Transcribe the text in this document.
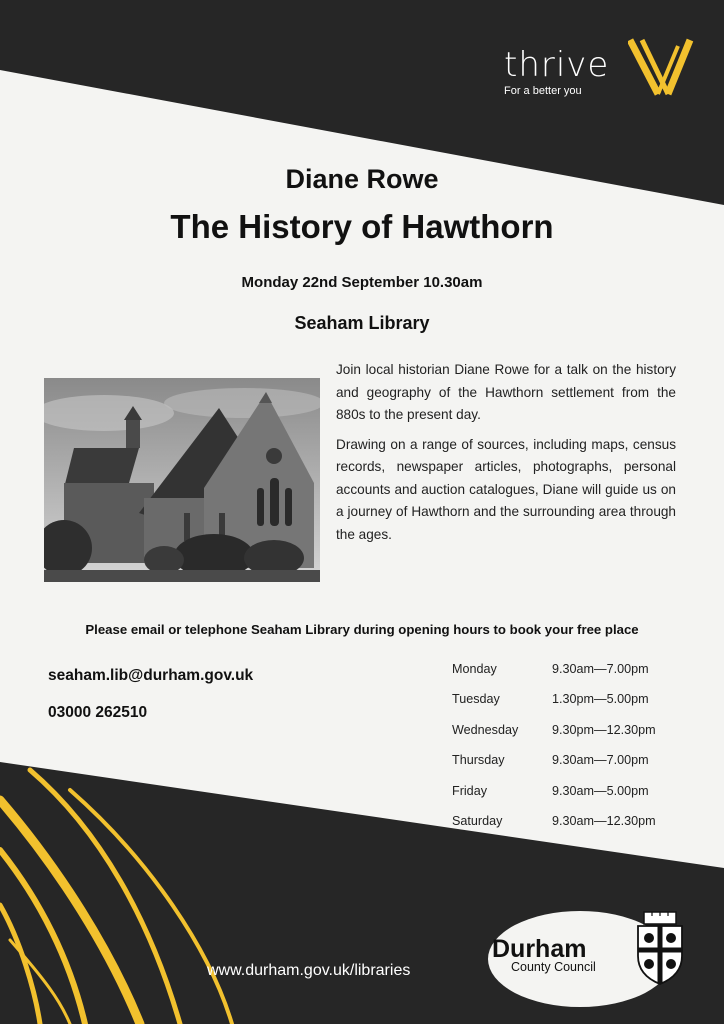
thrive
For a better you
Diane Rowe
The History of Hawthorn
Monday 22nd September 10.30am
Seaham Library

Join local historian Diane Rowe for a talk on the history and geography of the Hawthorn settlement from the 880s to the present day.

Drawing on a range of sources, including maps, census records, newspaper articles, photographs, personal accounts and auction catalogues, Diane will guide us on a journey of Hawthorn and the surrounding area through the ages.

Please email or telephone Seaham Library during opening hours to book your free place
seaham.lib@durham.gov.uk
03000 262510
Monday	9.30am—7.00pm
Tuesday	1.30pm—5.00pm
Wednesday	9.30pm—12.30pm
Thursday	9.30am—7.00pm
Friday	9.30am—5.00pm
Saturday	9.30am—12.30pm
www.durham.gov.uk/libraries
Durham
County Council
